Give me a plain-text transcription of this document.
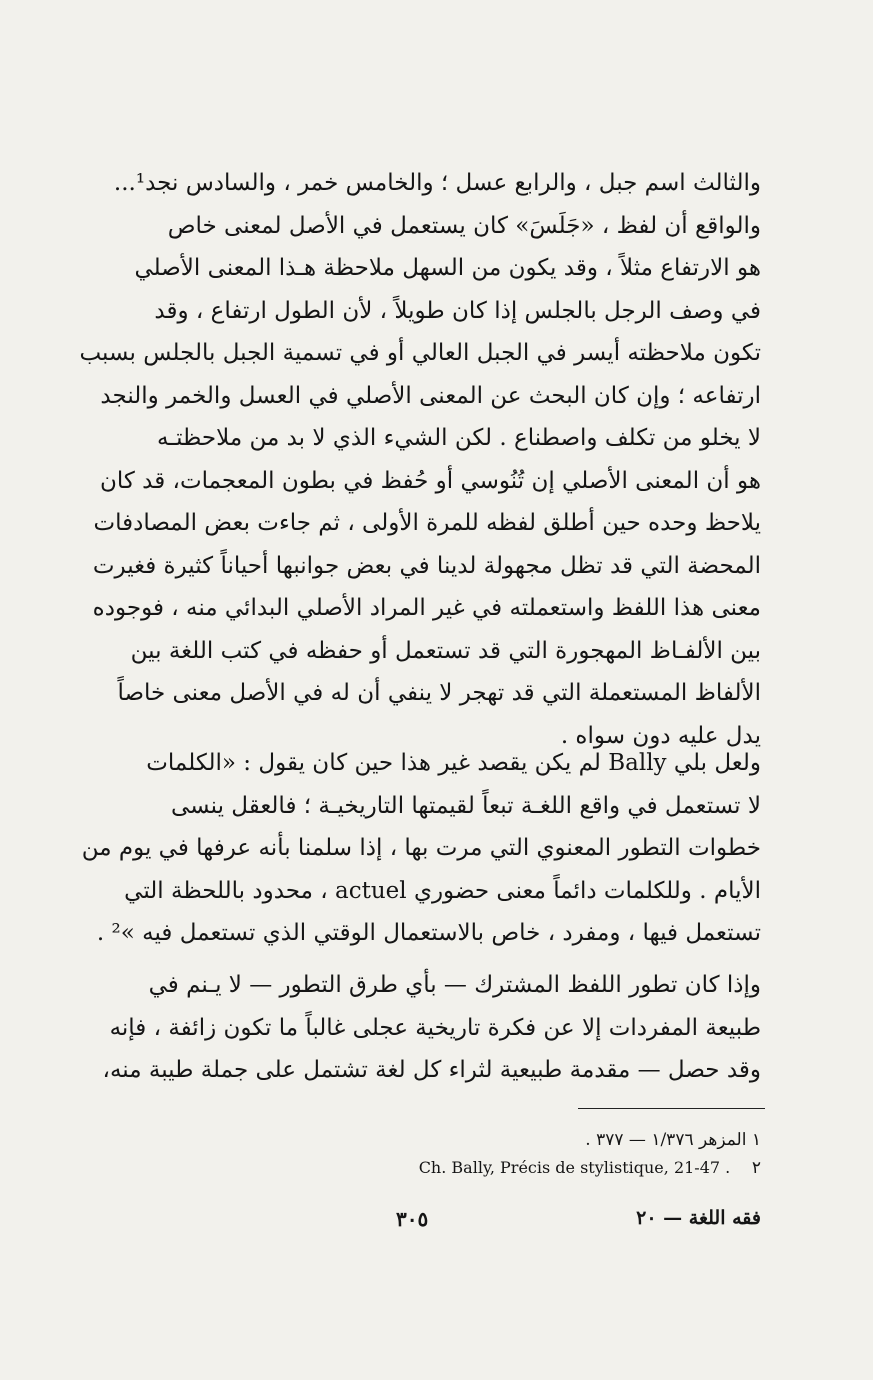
والثالث اسم جبل ، والرابع عسل ؛ والخامس خمر ، والسادس نجد¹...
والواقع أن لفظ ، «جَلَسَ» كان يستعمل في الأصل لمعنى خاص
هو الارتفاع مثلاً ، وقد يكون من السهل ملاحظة هـذا المعنى الأصلي
في وصف الرجل بالجلس إذا كان طويلاً ، لأن الطول ارتفاع ، وقد
تكون ملاحظته أيسر في الجبل العالي أو في تسمية الجبل بالجلس بسبب
ارتفاعه ؛ وإن كان البحث عن المعنى الأصلي في العسل والخمر والنجد
لا يخلو من تكلف واصطناع . لكن الشيء الذي لا بد من ملاحظتـه
هو أن المعنى الأصلي إن تُنُوسي أو حُفظ في بطون المعجمات، قد كان
يلاحظ وحده حين أطلق لفظه للمرة الأولى ، ثم جاءت بعض المصادفات
المحضة التي قد تظل مجهولة لدينا في بعض جوانبها أحياناً كثيرة فغيرت
معنى هذا اللفظ واستعملته في غير المراد الأصلي البدائي منه ، فوجوده
بين الألفـاظ المهجورة التي قد تستعمل أو حفظه في كتب اللغة بين
الألفاظ المستعملة التي قد تهجر لا ينفي أن له في الأصل معنى خاصاً
يدل عليه دون سواه .
ولعل بلي Bally لم يكن يقصد غير هذا حين كان يقول : «الكلمات
لا تستعمل في واقع اللغـة تبعاً لقيمتها التاريخيـة ؛ فالعقل ينسى
خطوات التطور المعنوي التي مرت بها ، إذا سلمنا بأنه عرفها في يوم من
الأيام . وللكلمات دائماً معنى حضوري actuel ، محدود باللحظة التي
تستعمل فيها ، ومفرد ، خاص بالاستعمال الوقتي الذي تستعمل فيه »² .
وإذا كان تطور اللفظ المشترك — بأي طرق التطور — لا يـنم في
طبيعة المفردات إلا عن فكرة تاريخية عجلى غالباً ما تكون زائفة ، فإنه
وقد حصل — مقدمة طبيعية لثراء كل لغة تشتمل على جملة طيبة منه،
١ المزهر ١/٣٧٦ — ٣٧٧ .
٢    Ch. Bally, Précis de stylistique, 21-47 .
فقه اللغة — ٢٠
٣٠٥
